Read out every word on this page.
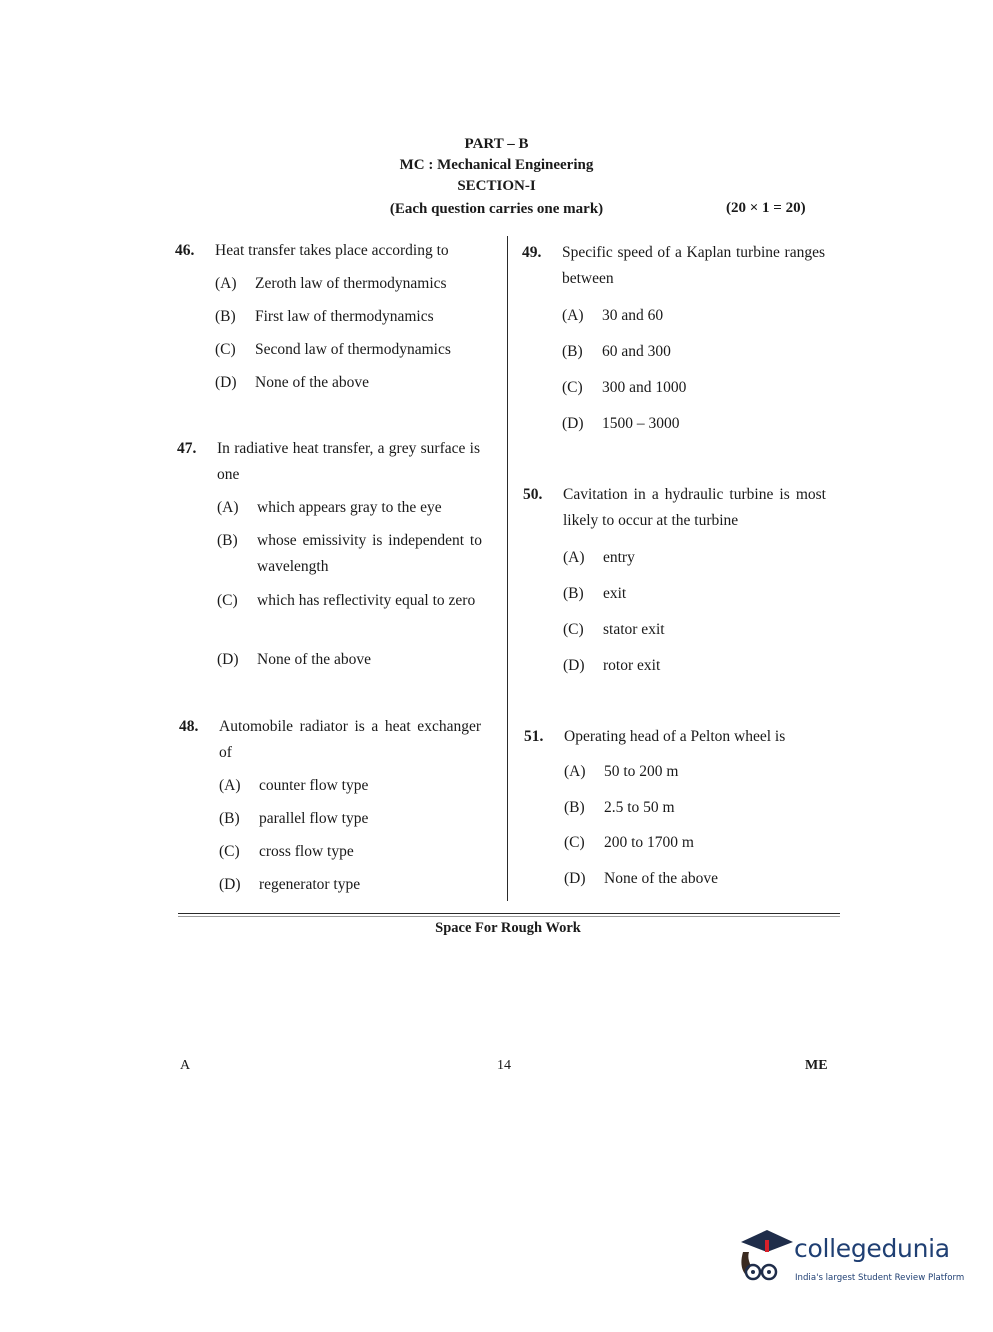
PART – B
MC : Mechanical Engineering
SECTION-I
(Each question carries one mark)	(20 × 1 = 20)
46. Heat transfer takes place according to
(A) Zeroth law of thermodynamics
(B) First law of thermodynamics
(C) Second law of thermodynamics
(D) None of the above
47. In radiative heat transfer, a grey surface is one
(A) which appears gray to the eye
(B) whose emissivity is independent to wavelength
(C) which has reflectivity equal to zero
(D) None of the above
48. Automobile radiator is a heat exchanger of
(A) counter flow type
(B) parallel flow type
(C) cross flow type
(D) regenerator type
49. Specific speed of a Kaplan turbine ranges between
(A) 30 and 60
(B) 60 and 300
(C) 300 and 1000
(D) 1500 – 3000
50. Cavitation in a hydraulic turbine is most likely to occur at the turbine
(A) entry
(B) exit
(C) stator exit
(D) rotor exit
51. Operating head of a Pelton wheel is
(A) 50 to 200 m
(B) 2.5 to 50 m
(C) 200 to 1700 m
(D) None of the above
Space For Rough Work
A	14	ME
collegedunia
India's largest Student Review Platform
